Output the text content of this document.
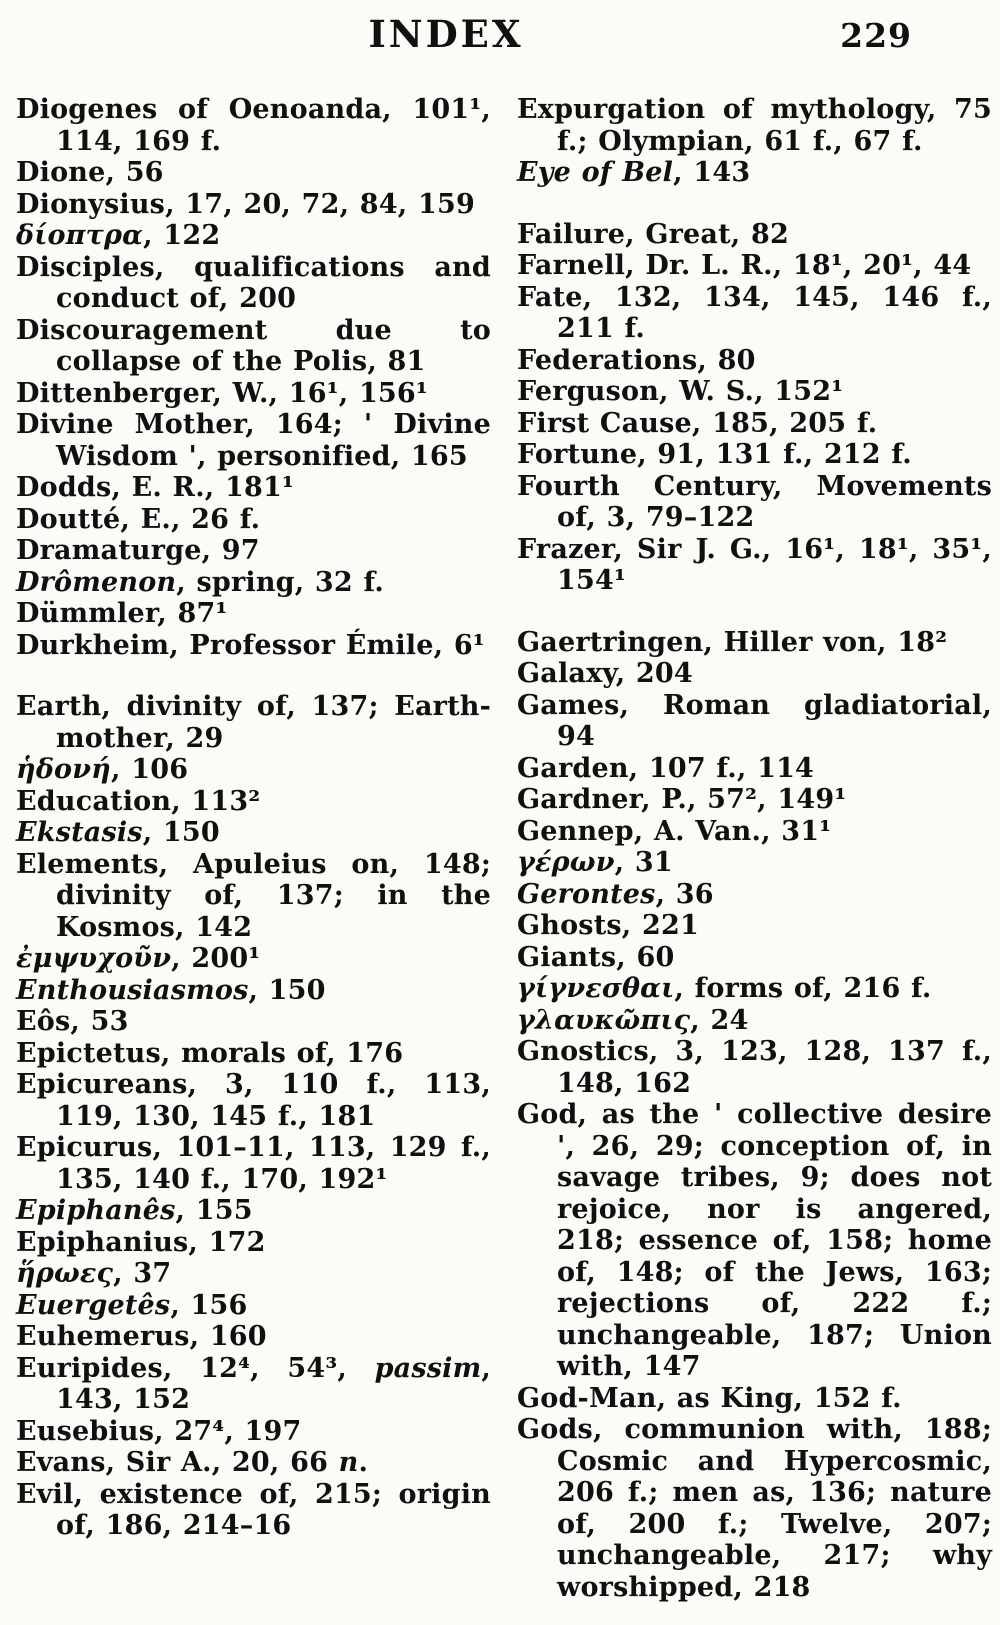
INDEX	229
Diogenes of Oenoanda, 101¹, 114, 169 f.
Dione, 56
Dionysius, 17, 20, 72, 84, 159
δίοπτρα, 122
Disciples, qualifications and conduct of, 200
Discouragement due to collapse of the Polis, 81
Dittenberger, W., 16¹, 156¹
Divine Mother, 164; ' Divine Wisdom ', personified, 165
Dodds, E. R., 181¹
Doutté, E., 26 f.
Dramaturge, 97
Drômenon, spring, 32 f.
Dümmler, 87¹
Durkheim, Professor Émile, 6¹
Earth, divinity of, 137; Earth-mother, 29
ἡδονή, 106
Education, 113²
Ekstasis, 150
Elements, Apuleius on, 148; divinity of, 137; in the Kosmos, 142
ἐμψυχοῦν, 200¹
Enthousiasmos, 150
Eôs, 53
Epictetus, morals of, 176
Epicureans, 3, 110 f., 113, 119, 130, 145 f., 181
Epicurus, 101–11, 113, 129 f., 135, 140 f., 170, 192¹
Epiphanês, 155
Epiphanius, 172
ἥρωες, 37
Euergetês, 156
Euhemerus, 160
Euripides, 12⁴, 54³, passim, 143, 152
Eusebius, 27⁴, 197
Evans, Sir A., 20, 66 n.
Evil, existence of, 215; origin of, 186, 214–16
Expurgation of mythology, 75 f.; Olympian, 61 f., 67 f.
Eye of Bel, 143
Failure, Great, 82
Farnell, Dr. L. R., 18¹, 20¹, 44
Fate, 132, 134, 145, 146 f., 211 f.
Federations, 80
Ferguson, W. S., 152¹
First Cause, 185, 205 f.
Fortune, 91, 131 f., 212 f.
Fourth Century, Movements of, 3, 79–122
Frazer, Sir J. G., 16¹, 18¹, 35¹, 154¹
Gaertringen, Hiller von, 18²
Galaxy, 204
Games, Roman gladiatorial, 94
Garden, 107 f., 114
Gardner, P., 57², 149¹
Gennep, A. Van., 31¹
γέρων, 31
Gerontes, 36
Ghosts, 221
Giants, 60
γίγνεσθαι, forms of, 216 f.
γλαυκῶπις, 24
Gnostics, 3, 123, 128, 137 f., 148, 162
God, as the ' collective desire ', 26, 29; conception of, in savage tribes, 9; does not rejoice, nor is angered, 218; essence of, 158; home of, 148; of the Jews, 163; rejections of, 222 f.; unchangeable, 187; Union with, 147
God-Man, as King, 152 f.
Gods, communion with, 188; Cosmic and Hypercosmic, 206 f.; men as, 136; nature of, 200 f.; Twelve, 207; unchangeable, 217; why worshipped, 218
